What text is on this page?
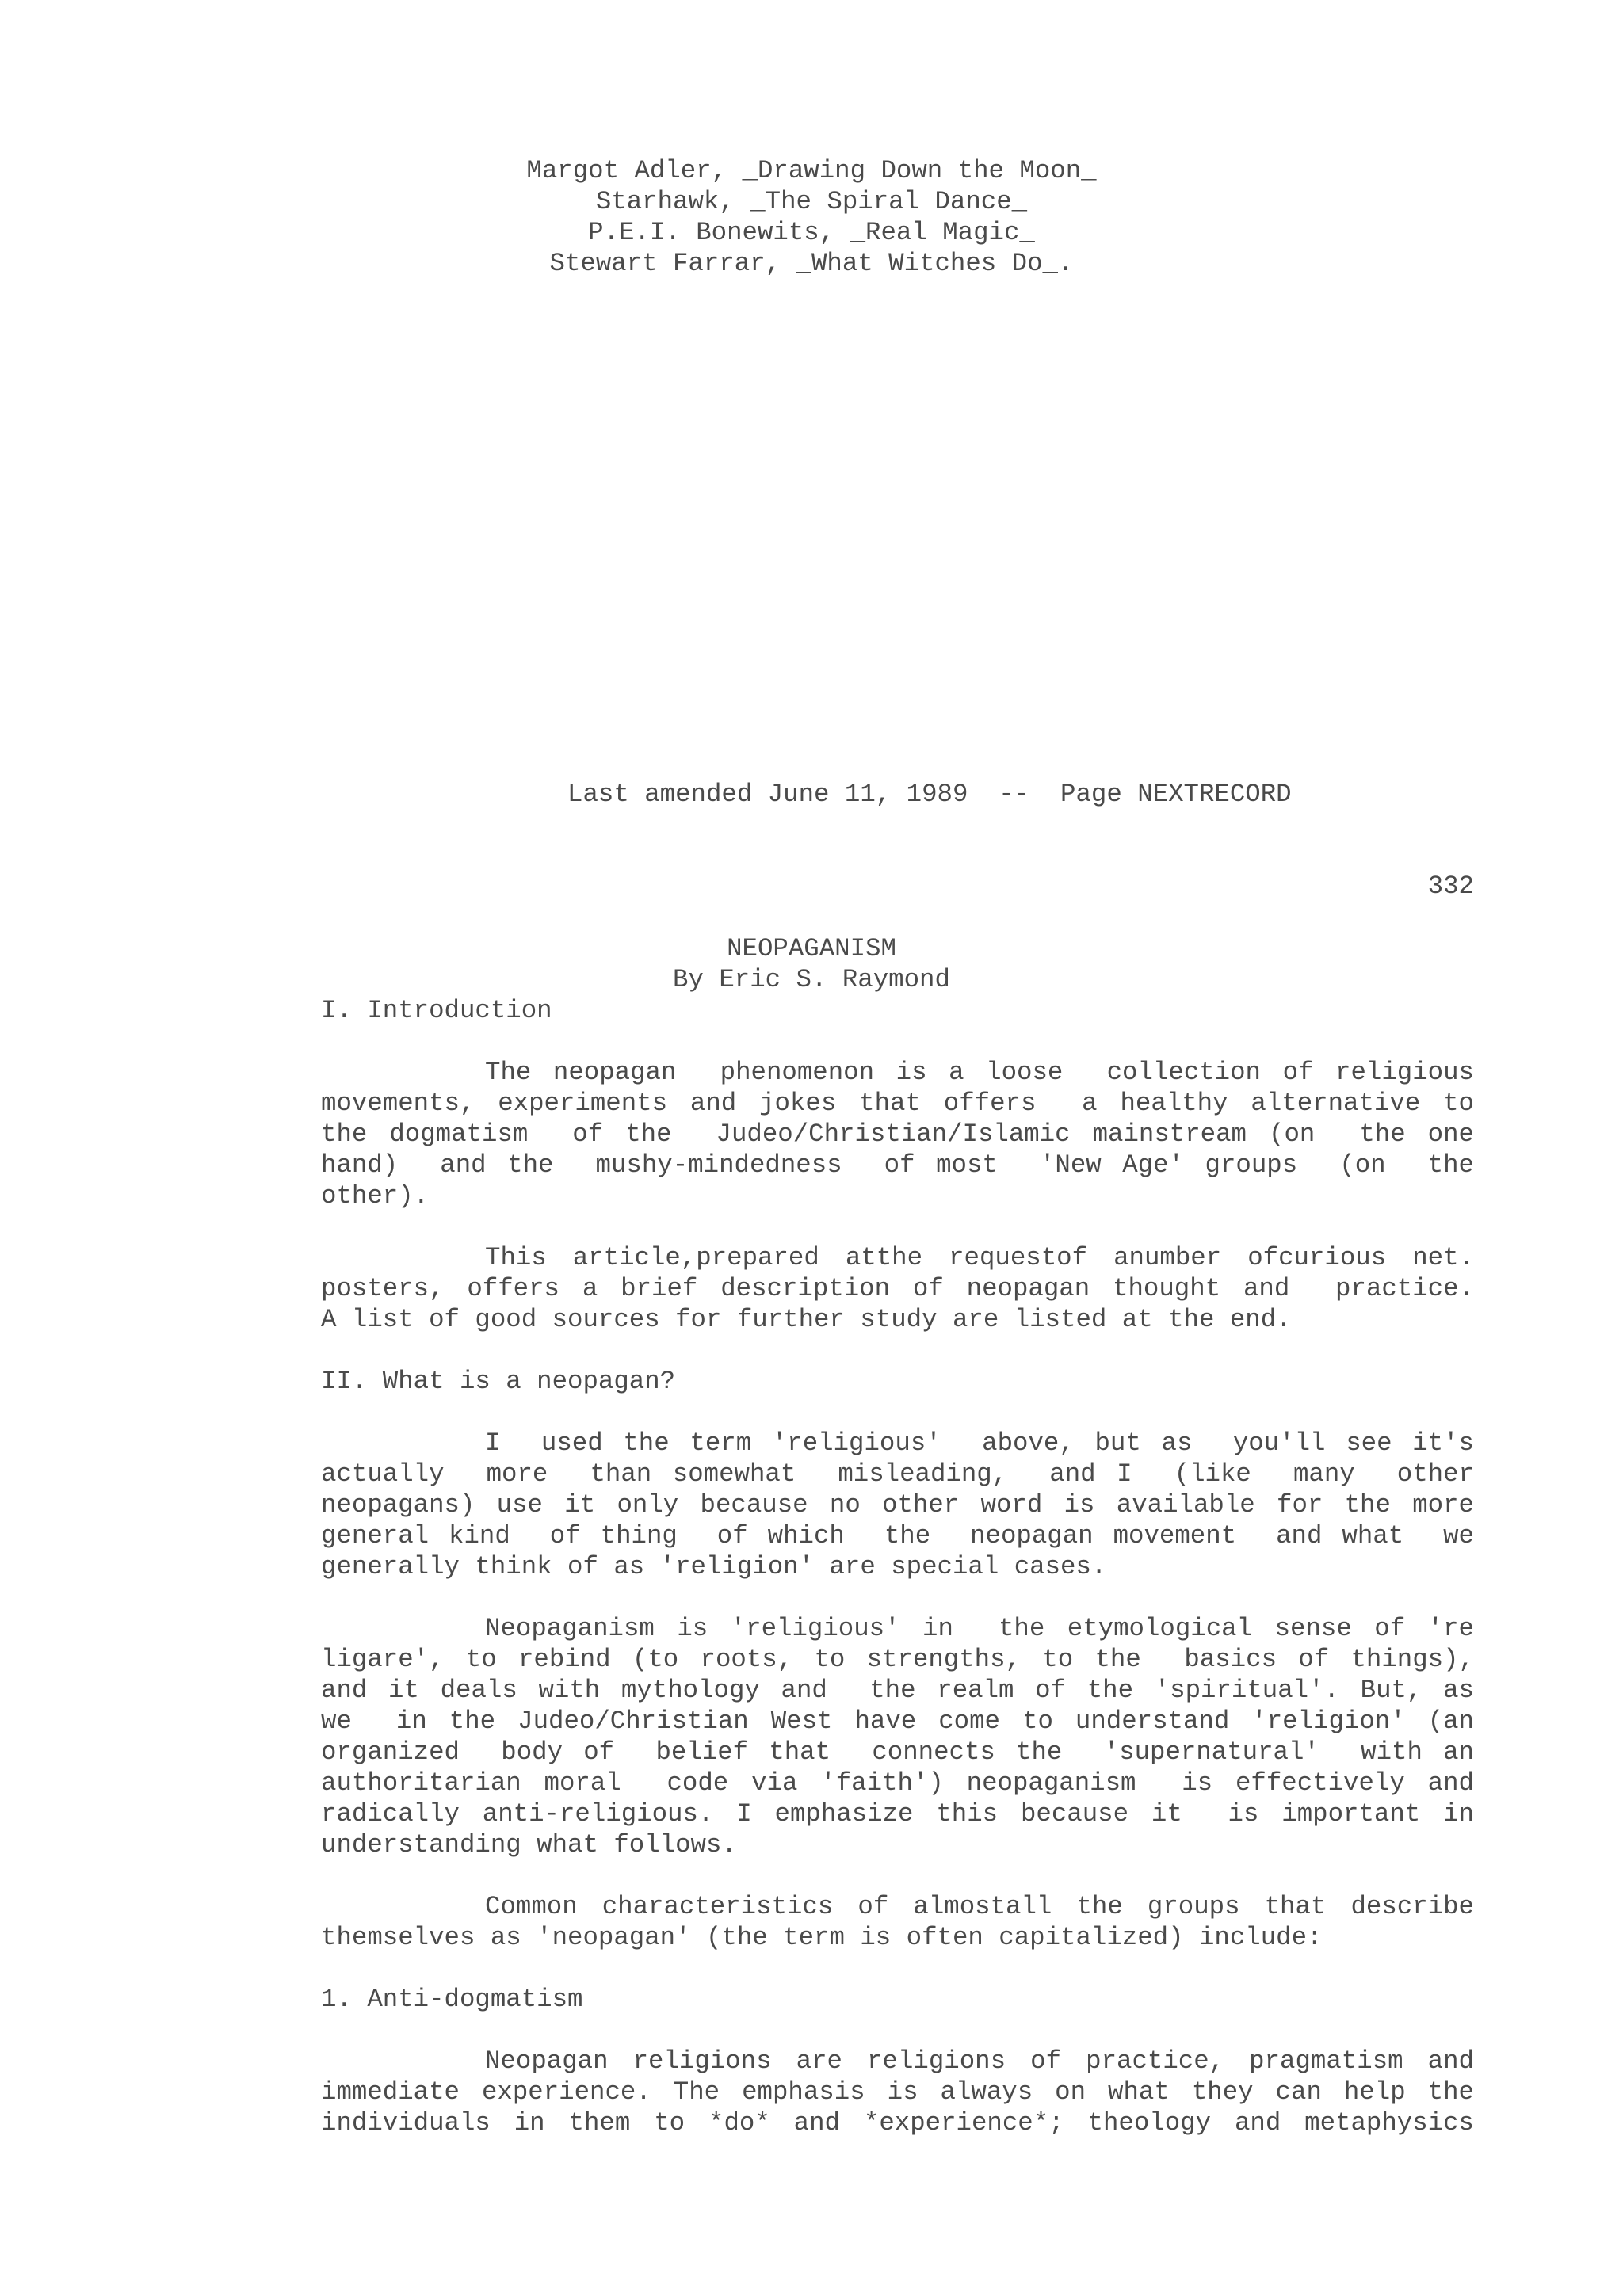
Margot Adler, _Drawing Down the Moon_

Starhawk, _The Spiral Dance_

P.E.I. Bonewits, _Real Magic_

Stewart Farrar, _What Witches Do_.

Last amended June 11, 1989  --  Page NEXTRECORD

332

NEOPAGANISM

By Eric S. Raymond

I. Introduction

The neopagan  phenomenon is a loose  collection of religious

movements, experiments and jokes that offers  a healthy alternative to

the dogmatism  of the  Judeo/Christian/Islamic mainstream (on  the one

hand)  and the  mushy-mindedness  of most  'New Age' groups  (on  the

other).

This article,prepared atthe requestof anumber ofcurious net.

posters, offers a brief description of neopagan thought and  practice.

A list of good sources for further study are listed at the end.

II. What is a neopagan?

I  used the term 'religious'  above, but as  you'll see it's

actually  more  than somewhat  misleading,  and I  (like  many  other

neopagans) use it only because no other word is available for the more

general kind  of thing  of which  the  neopagan movement  and what  we

generally think of as 'religion' are special cases.

Neopaganism is 'religious' in  the etymological sense of 're

ligare', to rebind (to roots, to strengths, to the  basics of things),

and it deals with mythology and  the realm of the 'spiritual'. But, as

we  in the Judeo/Christian West have come to understand 'religion' (an

organized  body of  belief that  connects the  'supernatural'  with an

authoritarian moral  code via 'faith') neopaganism  is effectively and

radically anti-religious. I emphasize this because it  is important in

understanding what follows.

Common characteristics of almostall the groups that describe

themselves as 'neopagan' (the term is often capitalized) include:

1. Anti-dogmatism

Neopagan religions are religions of practice, pragmatism and

immediate experience. The emphasis is always on what they can help the

individuals in them to *do* and *experience*; theology and metaphysics
